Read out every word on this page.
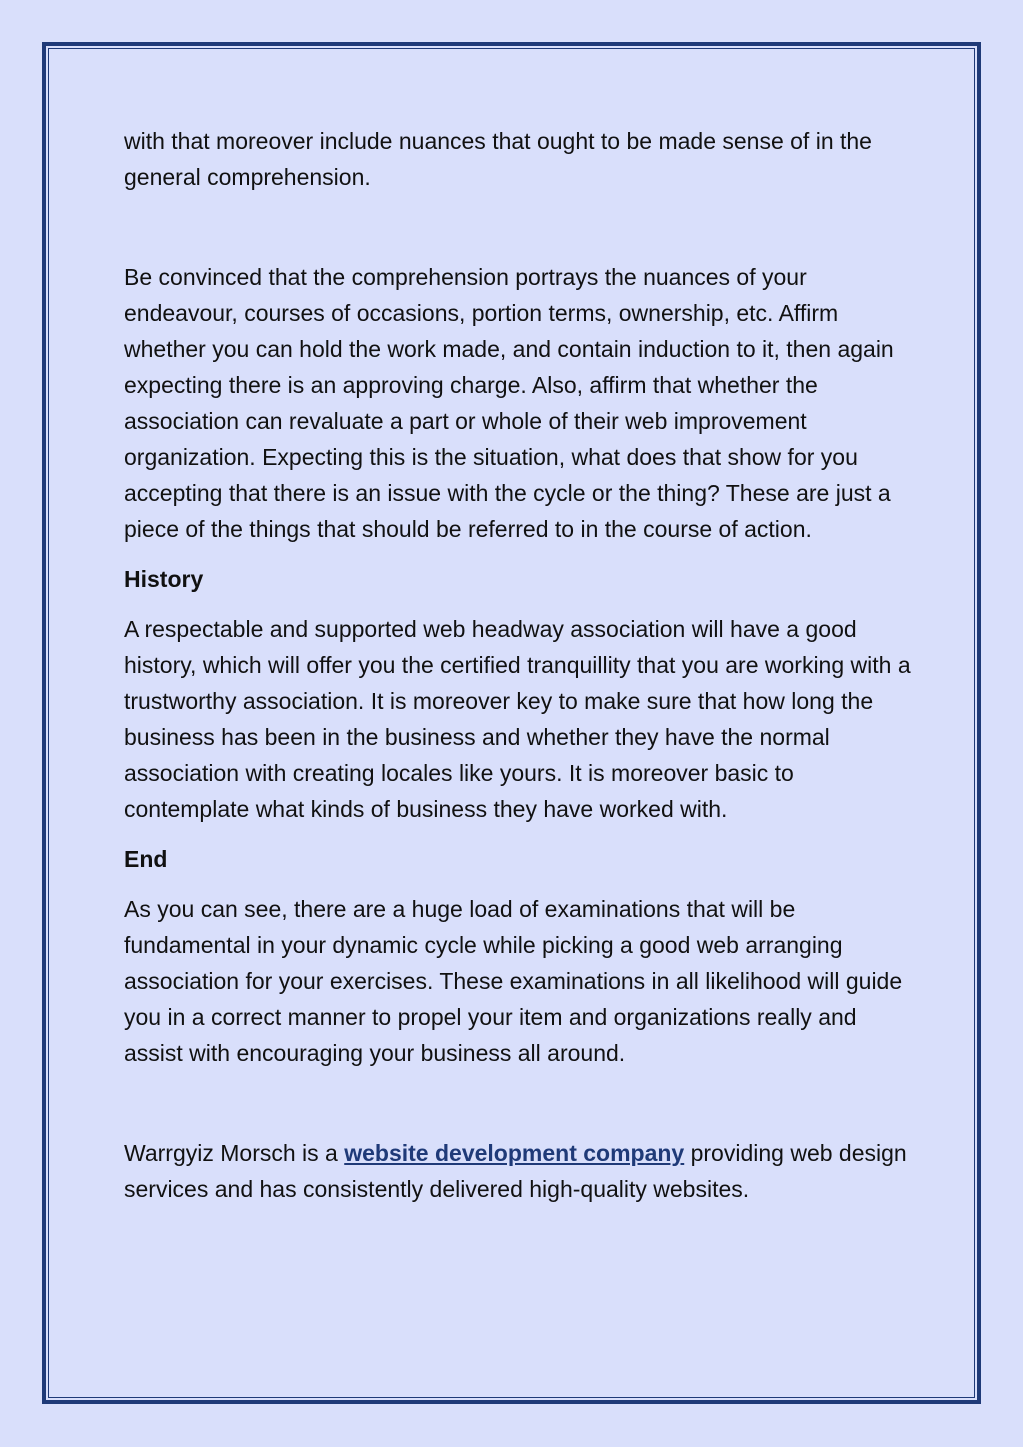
with that moreover include nuances that ought to be made sense of in the general comprehension.

Be convinced that the comprehension portrays the nuances of your endeavour, courses of occasions, portion terms, ownership, etc. Affirm whether you can hold the work made, and contain induction to it, then again expecting there is an approving charge. Also, affirm that whether the association can revaluate a part or whole of their web improvement organization. Expecting this is the situation, what does that show for you accepting that there is an issue with the cycle or the thing? These are just a piece of the things that should be referred to in the course of action.

History

A respectable and supported web headway association will have a good history, which will offer you the certified tranquillity that you are working with a trustworthy association. It is moreover key to make sure that how long the business has been in the business and whether they have the normal association with creating locales like yours. It is moreover basic to contemplate what kinds of business they have worked with.

End

As you can see, there are a huge load of examinations that will be fundamental in your dynamic cycle while picking a good web arranging association for your exercises. These examinations in all likelihood will guide you in a correct manner to propel your item and organizations really and assist with encouraging your business all around.

Warrgyiz Morsch is a website development company providing web design services and has consistently delivered high-quality websites.
